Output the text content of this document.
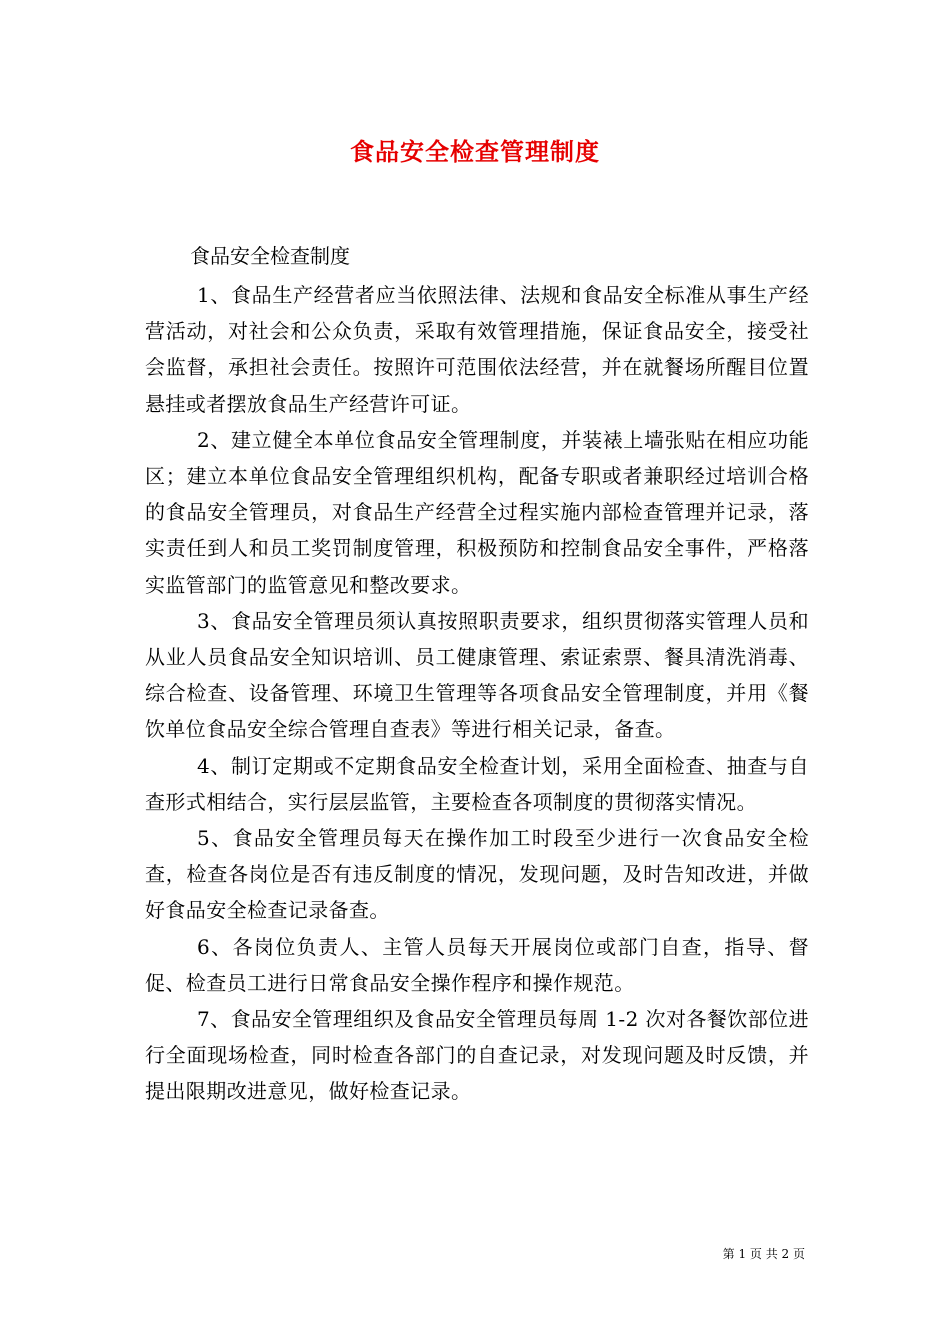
食品安全检查管理制度

食品安全检查制度

1、食品生产经营者应当依照法律、法规和食品安全标准从事生产经营活动，对社会和公众负责，采取有效管理措施，保证食品安全，接受社会监督，承担社会责任。按照许可范围依法经营，并在就餐场所醒目位置悬挂或者摆放食品生产经营许可证。

2、建立健全本单位食品安全管理制度，并装裱上墙张贴在相应功能区；建立本单位食品安全管理组织机构，配备专职或者兼职经过培训合格的食品安全管理员，对食品生产经营全过程实施内部检查管理并记录，落实责任到人和员工奖罚制度管理，积极预防和控制食品安全事件，严格落实监管部门的监管意见和整改要求。

3、食品安全管理员须认真按照职责要求，组织贯彻落实管理人员和从业人员食品安全知识培训、员工健康管理、索证索票、餐具清洗消毒、综合检查、设备管理、环境卫生管理等各项食品安全管理制度，并用《餐饮单位食品安全综合管理自查表》等进行相关记录，备查。

4、制订定期或不定期食品安全检查计划，采用全面检查、抽查与自查形式相结合，实行层层监管，主要检查各项制度的贯彻落实情况。

5、食品安全管理员每天在操作加工时段至少进行一次食品安全检查，检查各岗位是否有违反制度的情况，发现问题，及时告知改进，并做好食品安全检查记录备查。

6、各岗位负责人、主管人员每天开展岗位或部门自查，指导、督促、检查员工进行日常食品安全操作程序和操作规范。

7、食品安全管理组织及食品安全管理员每周 1-2 次对各餐饮部位进行全面现场检查，同时检查各部门的自查记录，对发现问题及时反馈，并提出限期改进意见，做好检查记录。

第 1 页 共 2 页
